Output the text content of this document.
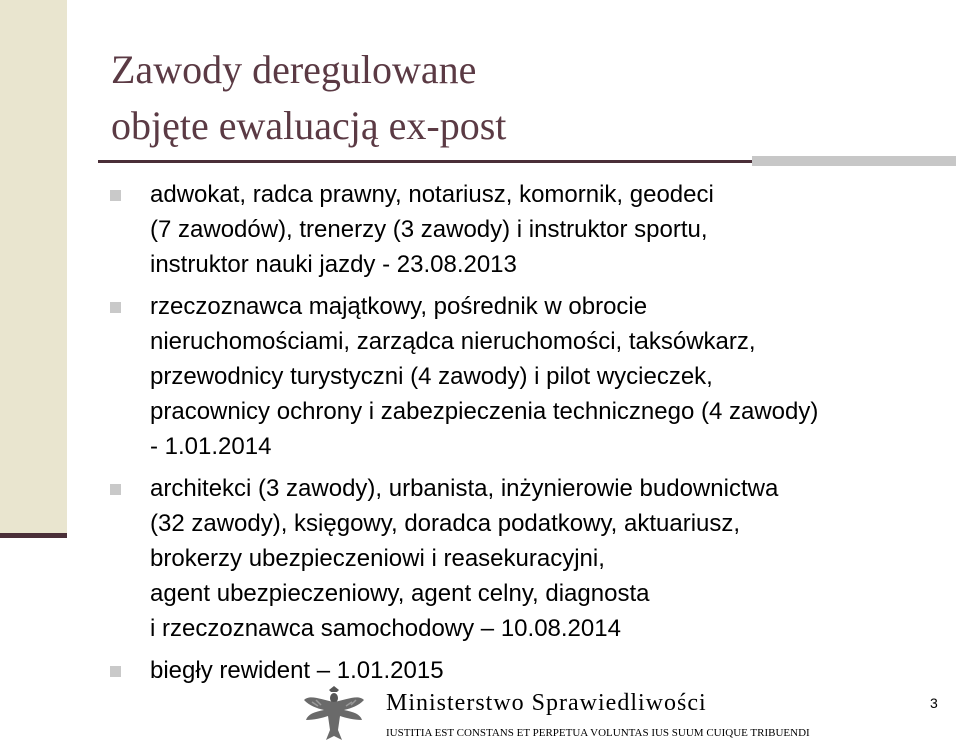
Zawody deregulowane
objęte ewaluacją ex-post
adwokat, radca prawny, notariusz, komornik, geodeci
(7 zawodów), trenerzy (3 zawody) i instruktor sportu,
instruktor nauki jazdy - 23.08.2013
rzeczoznawca majątkowy, pośrednik w obrocie
nieruchomościami, zarządca nieruchomości, taksówkarz,
przewodnicy turystyczni (4 zawody) i pilot wycieczek,
pracownicy ochrony i zabezpieczenia technicznego (4 zawody)
- 1.01.2014
architekci (3 zawody), urbanista, inżynierowie budownictwa
(32 zawody), księgowy, doradca podatkowy, aktuariusz,
brokerzy ubezpieczeniowi i reasekuracyjni,
agent ubezpieczeniowy, agent celny, diagnosta
i rzeczoznawca samochodowy – 10.08.2014
biegły rewident – 1.01.2015
Ministerstwo Sprawiedliwości
IUSTITIA EST CONSTANS ET PERPETUA VOLUNTAS IUS SUUM CUIQUE TRIBUENDI
3
